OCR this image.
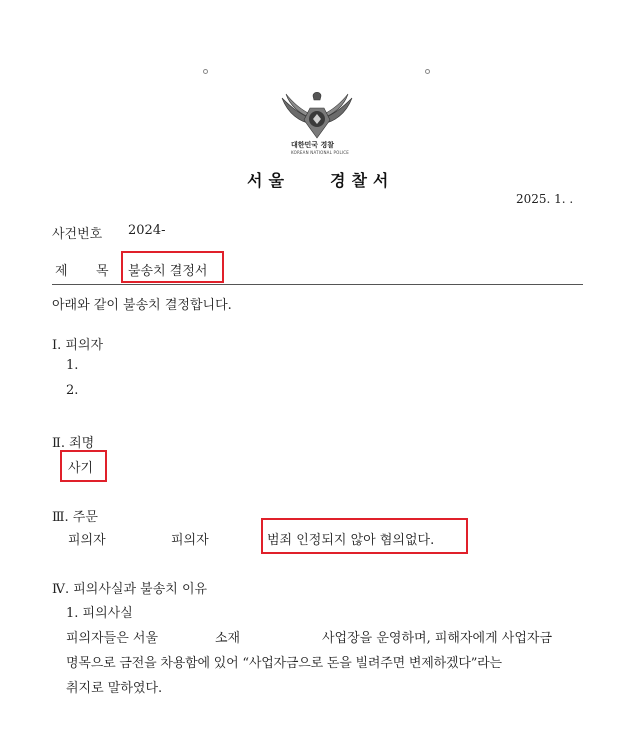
대한민국 경찰
KOREAN NATIONAL POLICE
서울	경찰서
2025. 1. .
사건번호 2024-
제 목 불송치 결정서
아래와 같이 불송치 결정합니다.
Ⅰ. 피의자
1.
2.
Ⅱ. 죄명
사기
Ⅲ. 주문
피의자	피의자	범죄 인정되지 않아 혐의없다.
Ⅳ. 피의사실과 불송치 이유
1. 피의사실
피의자들은 서울	소재	사업장을 운영하며, 피해자에게 사업자금
명목으로 금전을 차용함에 있어 “사업자금으로 돈을 빌려주면 변제하겠다”라는
취지로 말하였다.
